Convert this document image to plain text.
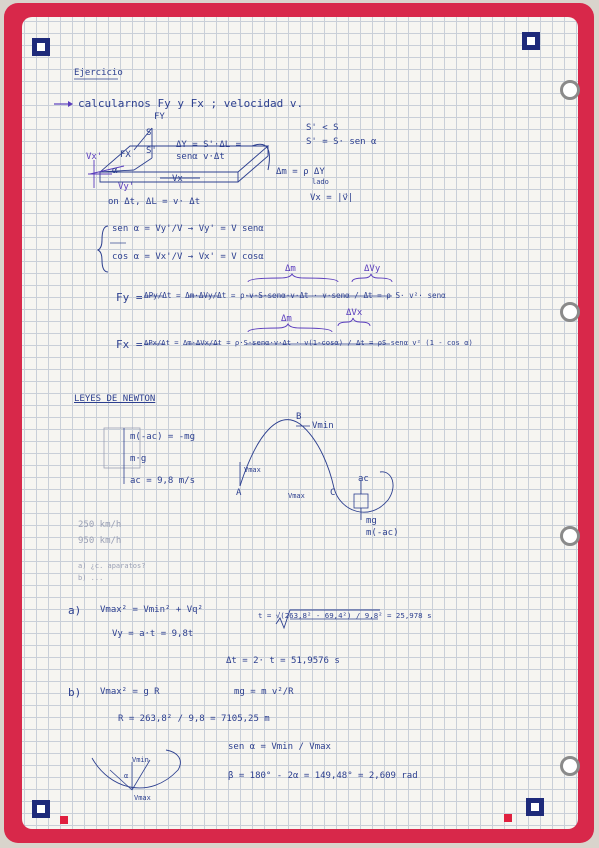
Ejercicio
calcularnos Fy y Fx ; velocidad v.
FY
S
FX S'
Vx'
Vy'
α
ΔY = S'·ΔL =
senα v·Δt
Vx
S' < S
S' = S· sen α
Δm = ρ ΔY
lado
Vx = |v⃗|
on Δt, ΔL = v· Δt
sen α = Vy'/V → Vy' = V senα
cos α = Vx'/V → Vx' = V cosα
Fy = ΔPy/Δt = Δm·ΔVy/Δt = ρ·v·S·senα·v·Δt · v·senα / Δt = ρ S· v²· senα
Δm	ΔVy
Fx = ΔPx/Δt = Δm·ΔVx/Δt = ρ·S·senα·v·Δt · v(1-cosα) / Δt = ρS senα v² (1 - cos α)
Δm
ΔVx
LEYES DE NEWTON
m(-ac) = -mg
m·g
ac = 9,8 m/s
B
Vmin
A
Vmax
Vmax	C
ac
mg
m(-ac)
250 km/h
950 km/h
a) ¿c. aparatos?
b) ...
a) Vmax² = Vmin² + Vq²
Vy = a·t = 9,8t
t = √(263,8² - 69,4²) / 9,8² = 25,978 s
Δt = 2· t = 51,9576 s
b) Vmax² = g R	mg = m v²/R
R = 263,8² / 9,8 = 7105,25 m
sen α = Vmin / Vmax
β = 180° - 2α = 149,48° = 2,609 rad
Vmin
α
Vmax
